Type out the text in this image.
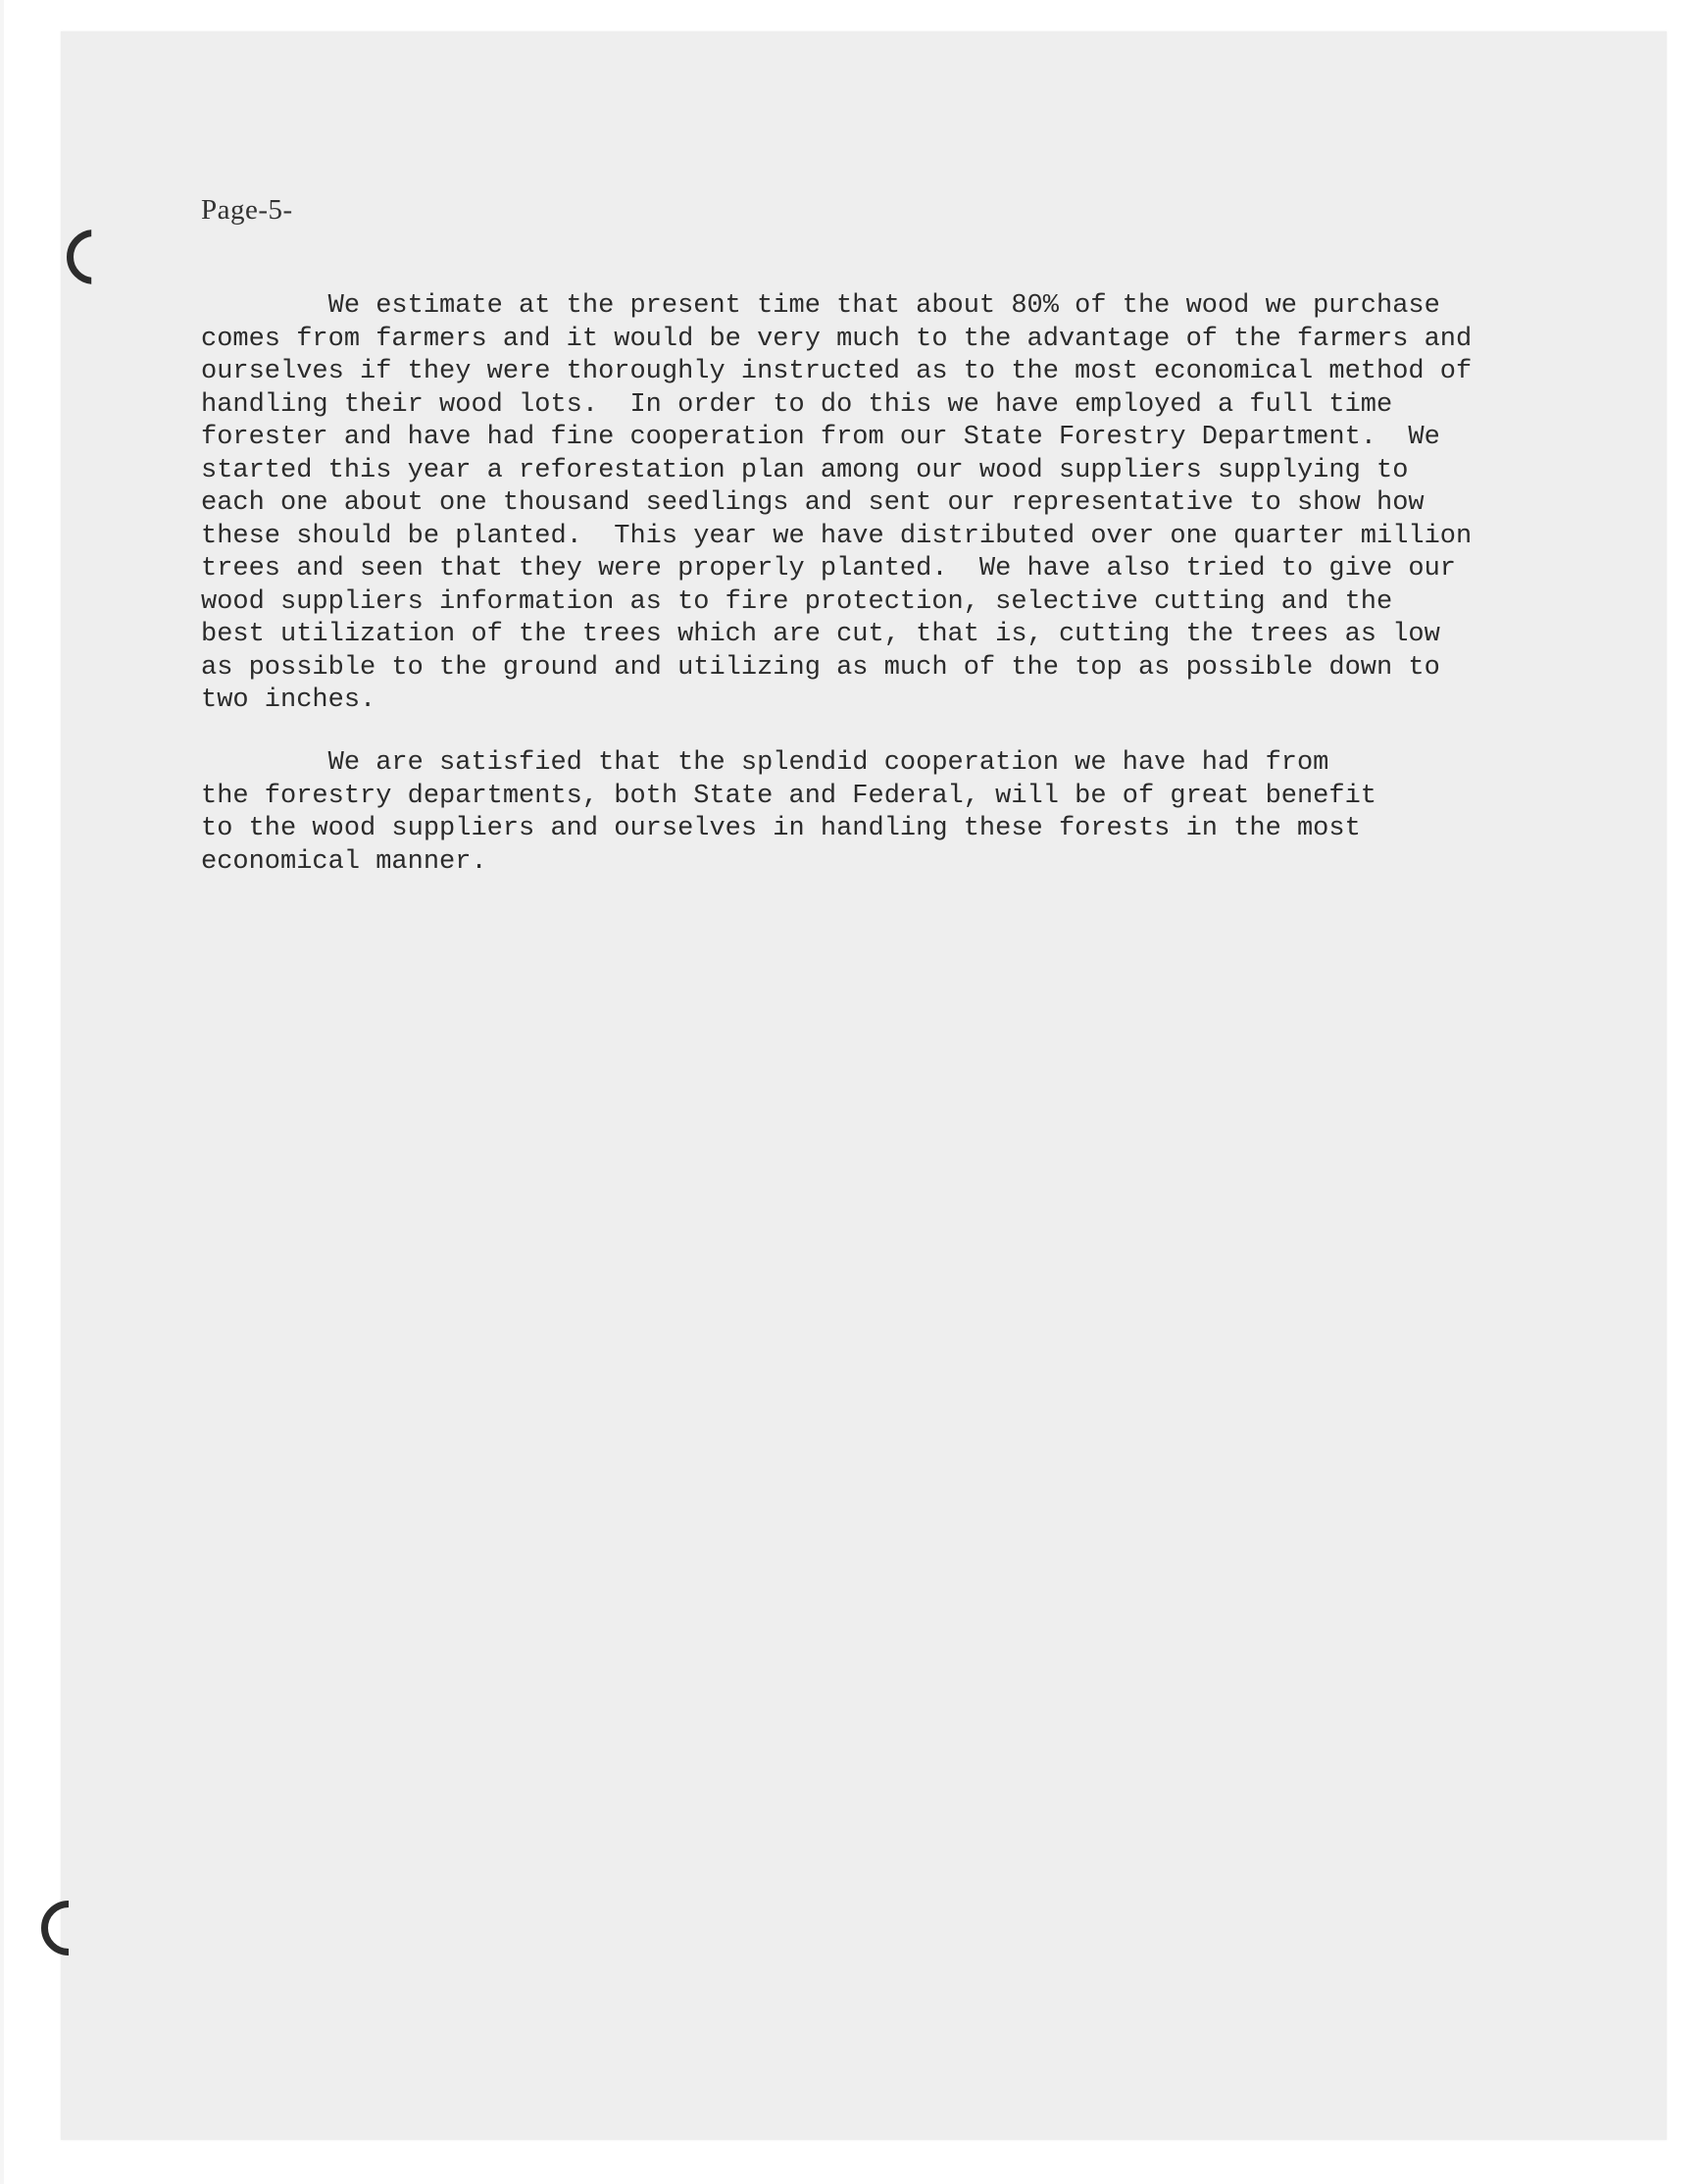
Page-5-
We estimate at the present time that about 80% of the wood we purchase
comes from farmers and it would be very much to the advantage of the farmers and
ourselves if they were thoroughly instructed as to the most economical method of
handling their wood lots.  In order to do this we have employed a full time
forester and have had fine cooperation from our State Forestry Department.  We
started this year a reforestation plan among our wood suppliers supplying to
each one about one thousand seedlings and sent our representative to show how
these should be planted.  This year we have distributed over one quarter million
trees and seen that they were properly planted.  We have also tried to give our
wood suppliers information as to fire protection, selective cutting and the
best utilization of the trees which are cut, that is, cutting the trees as low
as possible to the ground and utilizing as much of the top as possible down to
two inches.
We are satisfied that the splendid cooperation we have had from
the forestry departments, both State and Federal, will be of great benefit
to the wood suppliers and ourselves in handling these forests in the most
economical manner.
